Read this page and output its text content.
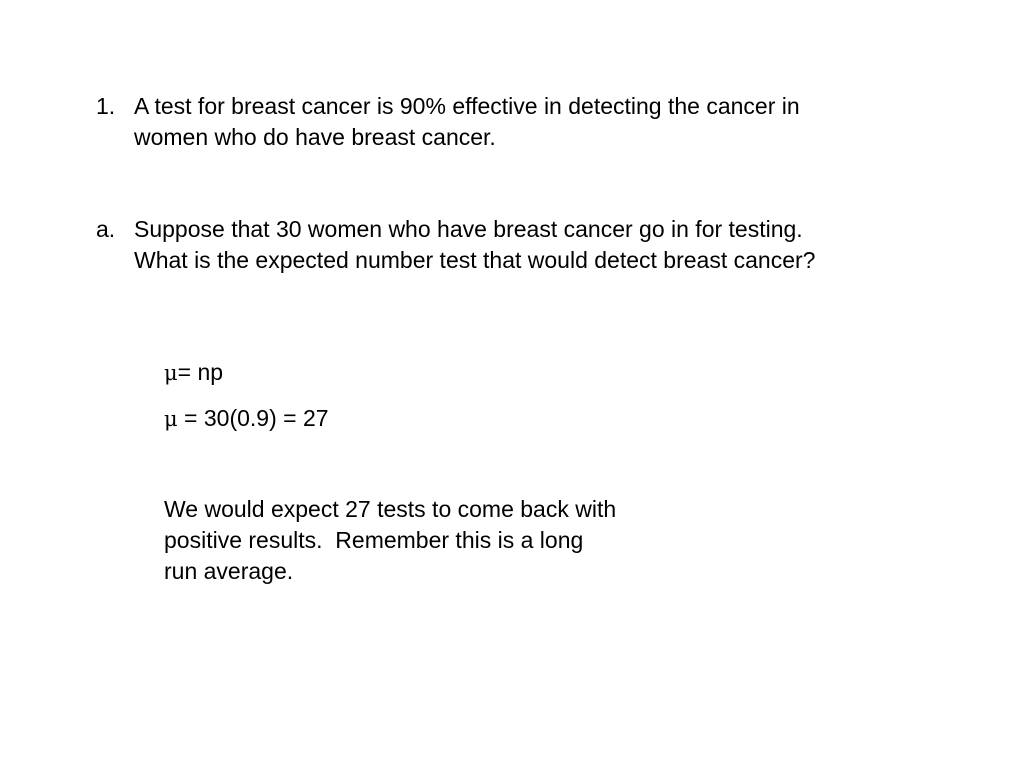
1. A test for breast cancer is 90% effective in detecting the cancer in
women who do have breast cancer.
a. Suppose that 30 women who have breast cancer go in for testing.
What is the expected number test that would detect breast cancer?
μ= np
μ = 30(0.9) = 27
We would expect 27 tests to come back with
positive results.  Remember this is a long
run average.
